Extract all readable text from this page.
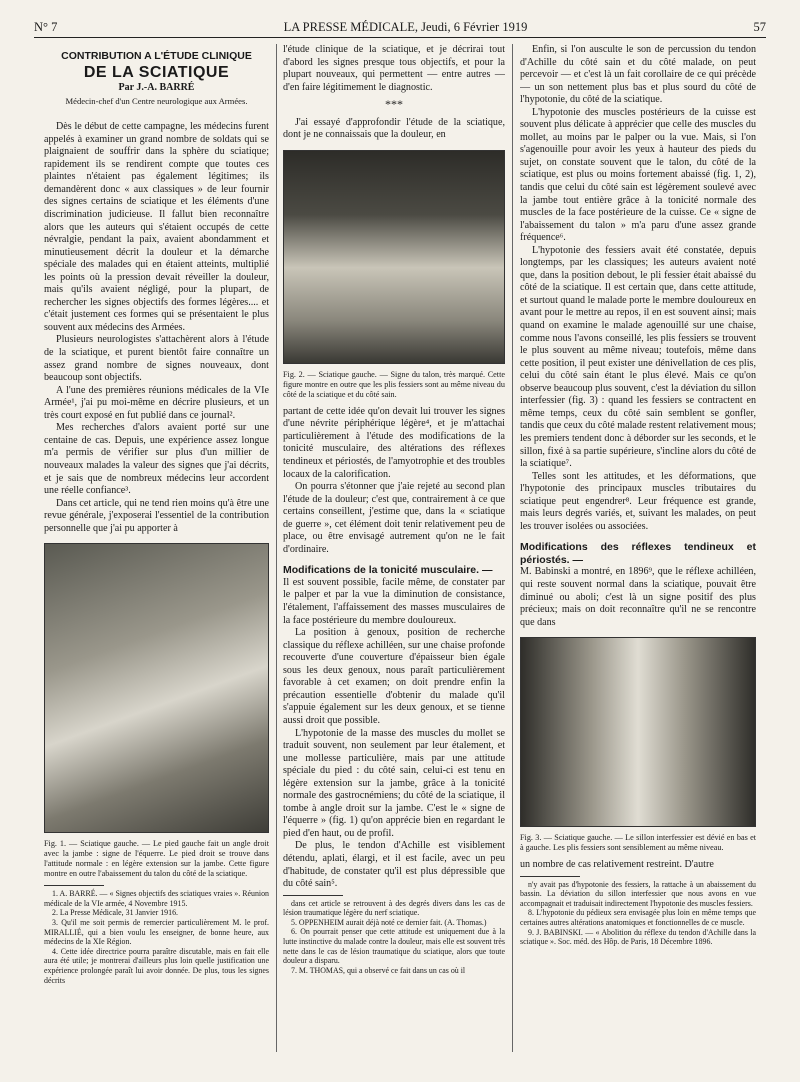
N° 7	LA PRESSE MÉDICALE, Jeudi, 6 Février 1919	57
CONTRIBUTION A L'ÉTUDE CLINIQUE
DE LA SCIATIQUE
Par J.-A. BARRÉ
Médecin-chef d'un Centre neurologique aux Armées.

Dès le début de cette campagne, les médecins furent appelés à examiner un grand nombre de soldats qui se plaignaient de souffrir dans la sphère du sciatique; rapidement ils se rendirent compte que toutes ces plaintes n'étaient pas également légitimes; ils demandèrent donc « aux classiques » de leur fournir des signes certains de sciatique et les éléments d'une discrimination judicieuse. Il fallut bien reconnaître alors que les auteurs qui s'étaient occupés de cette névralgie, pendant la paix, avaient abondamment et minutieusement décrit la douleur et la démarche spéciale des malades qui en étaient atteints, multiplié les points où la pression devait réveiller la douleur, mais qu'ils avaient négligé, pour la plupart, de rechercher les signes objectifs des formes légères.... et c'était justement ces formes qui se présentaient le plus souvent aux médecins des Armées.

Plusieurs neurologistes s'attachèrent alors à l'étude de la sciatique, et purent bientôt faire connaître un assez grand nombre de signes nouveaux, dont beaucoup sont objectifs.

A l'une des premières réunions médicales de la VIe Armée¹, j'ai pu moi-même en décrire plusieurs, et un très court exposé en fut publié dans ce journal².

Mes recherches d'alors avaient porté sur une centaine de cas. Depuis, une expérience assez longue m'a permis de vérifier sur plus d'un millier de nouveaux malades la valeur des signes que j'ai décrits, et je sais que de nombreux médecins leur accordent une réelle confiance³.

Dans cet article, qui ne tend rien moins qu'à être une revue générale, j'exposerai l'essentiel de la contribution personnelle que j'ai pu apporter à

Fig. 1. — Sciatique gauche. — Le pied gauche fait un angle droit avec la jambe : signe de l'équerre. Le pied droit se trouve dans l'attitude normale : en légère extension sur la jambe. Cette figure montre en outre l'abaissement du talon du côté de la sciatique.

1. A. BARRÉ. — « Signes objectifs des sciatiques vraies ». Réunion médicale de la VIe armée, 4 Novembre 1915.

2. La Presse Médicale, 31 Janvier 1916.

3. Qu'il me soit permis de remercier particulièrement M. le prof. MIRALLIÉ, qui a bien voulu les enseigner, de bonne heure, aux médecins de la XIe Région.

4. Cette idée directrice pourra paraître discutable, mais en fait elle aura été utile; je montrerai d'ailleurs plus loin quelle justification une expérience prolongée paraît lui avoir donnée. De plus, tous les signes décrits

l'étude clinique de la sciatique, et je décrirai tout d'abord les signes presque tous objectifs, et pour la plupart nouveaux, qui permettent — entre autres — d'en faire légitimement le diagnostic.

***

J'ai essayé d'approfondir l'étude de la sciatique, dont je ne connaissais que la douleur, en

Fig. 2. — Sciatique gauche. — Signe du talon, très marqué. Cette figure montre en outre que les plis fessiers sont au même niveau du côté de la sciatique et du côté sain.

partant de cette idée qu'on devait lui trouver les signes d'une névrite périphérique légère⁴, et je m'attachai particulièrement à l'étude des modifications de la tonicité musculaire, des altérations des réflexes tendineux et périostés, de l'amyotrophie et des troubles locaux de la calorification.

On pourra s'étonner que j'aie rejeté au second plan l'étude de la douleur; c'est que, contrairement à ce que certains conseillent, j'estime que, dans la « sciatique de guerre », cet élément doit tenir relativement peu de place, ou être envisagé autrement qu'on ne le fait d'ordinaire.

Modifications de la tonicité musculaire. —

Il est souvent possible, facile même, de constater par le palper et par la vue la diminution de consistance, l'étalement, l'affaissement des masses musculaires de la face postérieure du membre douloureux.

La position à genoux, position de recherche classique du réflexe achilléen, sur une chaise profonde recouverte d'une couverture d'épaisseur bien égale sous les deux genoux, nous paraît particulièrement favorable à cet examen; on doit prendre enfin la précaution essentielle d'obtenir du malade qu'il s'appuie également sur les deux genoux, et se tienne aussi droit que possible.

L'hypotonie de la masse des muscles du mollet se traduit souvent, non seulement par leur étalement, et une mollesse particulière, mais par une attitude spéciale du pied : du côté sain, celui-ci est tenu en légère extension sur la jambe, grâce à la tonicité normale des gastrocnémiens; du côté de la sciatique, il tombe à angle droit sur la jambe. C'est le « signe de l'équerre » (fig. 1) qu'on apprécie bien en regardant le pied d'en haut, ou de profil.

De plus, le tendon d'Achille est visiblement détendu, aplati, élargi, et il est facile, avec un peu d'habitude, de constater qu'il est plus dépressible que du côté sain⁵.

dans cet article se retrouvent à des degrés divers dans les cas de lésion traumatique légère du nerf sciatique.

5. OPPENHEIM aurait déjà noté ce dernier fait. (A. Thomas.)

6. On pourrait penser que cette attitude est uniquement due à la lutte instinctive du malade contre la douleur, mais elle est souvent très nette dans le cas de lésion traumatique du sciatique, alors que toute douleur a disparu.

7. M. THOMAS, qui a observé ce fait dans un cas où il

Enfin, si l'on ausculte le son de percussion du tendon d'Achille du côté sain et du côté malade, on peut percevoir — et c'est là un fait corollaire de ce qui précède — un son nettement plus bas et plus sourd du côté de l'hypotonie, du côté de la sciatique.

L'hypotonie des muscles postérieurs de la cuisse est souvent plus délicate à apprécier que celle des muscles du mollet, au moins par le palper ou la vue. Mais, si l'on s'agenouille pour avoir les yeux à hauteur des pieds du sujet, on constate souvent que le talon, du côté de la sciatique, est plus ou moins fortement abaissé (fig. 1, 2), tandis que celui du côté sain est légèrement soulevé avec la jambe tout entière grâce à la tonicité normale des muscles de la face postérieure de la cuisse. Ce « signe de l'abaissement du talon » m'a paru d'une assez grande fréquence⁶.

L'hypotonie des fessiers avait été constatée, depuis longtemps, par les classiques; les auteurs avaient noté que, dans la position debout, le pli fessier était abaissé du côté de la sciatique. Il est certain que, dans cette attitude, et surtout quand le malade porte le membre douloureux en avant pour le mettre au repos, il en est souvent ainsi; mais quand on examine le malade agenouillé sur une chaise, comme nous l'avons conseillé, les plis fessiers se trouvent le plus souvent au même niveau; toutefois, même dans cette position, il peut exister une dénivellation de ces plis, celui du côté sain étant le plus élevé. Mais ce qu'on observe beaucoup plus souvent, c'est la déviation du sillon interfessier (fig. 3) : quand les fessiers se contractent en même temps, ceux du côté sain semblent se gonfler, tandis que ceux du côté malade restent relativement mous; les premiers tendent donc à déborder sur les seconds, et le sillon, fixé à sa partie supérieure, s'incline alors du côté de la sciatique⁷.

Telles sont les attitudes, et les déformations, que l'hypotonie des principaux muscles tributaires du sciatique peut engendrer⁸. Leur fréquence est grande, mais leurs degrés variés, et, suivant les malades, on peut les trouver isolées ou associées.

Modifications des réflexes tendineux et périostés. —

M. Babinski a montré, en 1896⁹, que le réflexe achilléen, qui reste souvent normal dans la sciatique, pouvait être diminué ou aboli; c'est là un signe positif des plus précieux; mais on doit reconnaître qu'il ne se rencontre que dans

Fig. 3. — Sciatique gauche. — Le sillon interfessier est dévié en bas et à gauche. Les plis fessiers sont sensiblement au même niveau.

un nombre de cas relativement restreint. D'autre

n'y avait pas d'hypotonie des fessiers, la rattache à un abaissement du bassin. La déviation du sillon interfessier que nous avons en vue accompagnait et traduisait indirectement l'hypotonie des muscles fessiers.

8. L'hypotonie du pédieux sera envisagée plus loin en même temps que certaines autres altérations anatomiques et fonctionnelles de ce muscle.

9. J. BABINSKI. — « Abolition du réflexe du tendon d'Achille dans la sciatique ». Soc. méd. des Hôp. de Paris, 18 Décembre 1896.
